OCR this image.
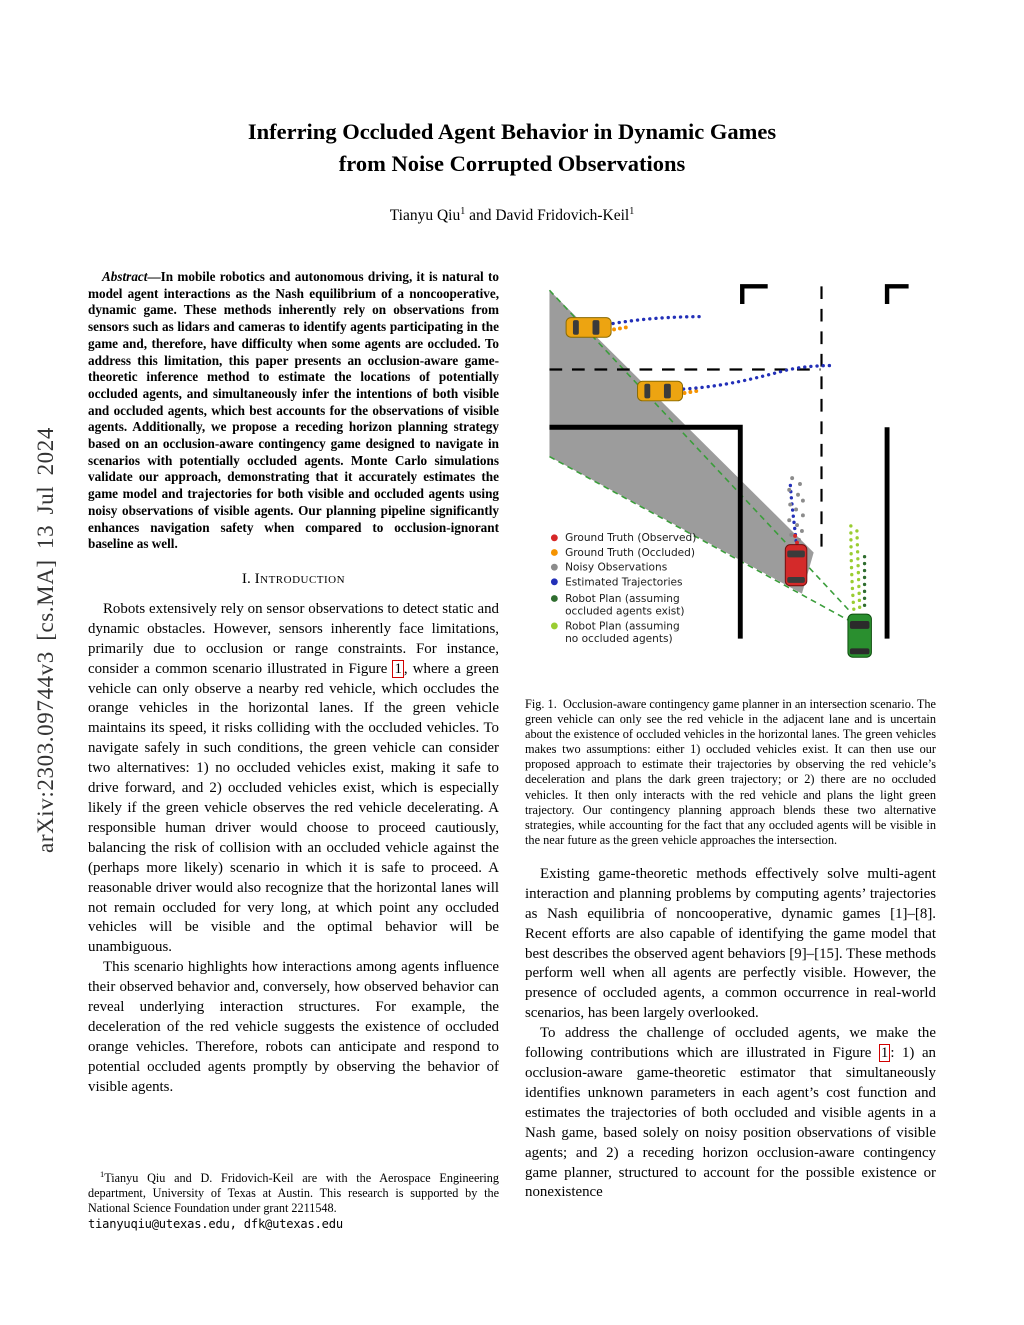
arXiv:2303.09744v3 [cs.MA] 13 Jul 2024
Inferring Occluded Agent Behavior in Dynamic Games
from Noise Corrupted Observations
Tianyu Qiu$^1$ and David Fridovich-Keil$^1$

Abstract—In mobile robotics and autonomous driving, it is natural to model agent interactions as the Nash equilibrium of a noncooperative, dynamic game. These methods inherently rely on observations from sensors such as lidars and cameras to identify agents participating in the game and, therefore, have difficulty when some agents are occluded. To address this limitation, this paper presents an occlusion-aware game-theoretic inference method to estimate the locations of potentially occluded agents, and simultaneously infer the intentions of both visible and occluded agents, which best accounts for the observations of visible agents. Additionally, we propose a receding horizon planning strategy based on an occlusion-aware contingency game designed to navigate in scenarios with potentially occluded agents. Monte Carlo simulations validate our approach, demonstrating that it accurately estimates the game model and trajectories for both visible and occluded agents using noisy observations of visible agents. Our planning pipeline significantly enhances navigation safety when compared to occlusion-ignorant baseline as well.

I. Introduction

Robots extensively rely on sensor observations to detect static and dynamic obstacles. However, sensors inherently face limitations, primarily due to occlusion or range constraints. For instance, consider a common scenario illustrated in Figure 1 , where a green vehicle can only observe a nearby red vehicle, which occludes the orange vehicles in the horizontal lanes. If the green vehicle maintains its speed, it risks colliding with the occluded vehicles. To navigate safely in such conditions, the green vehicle can consider two alternatives: 1) no occluded vehicles exist, making it safe to drive forward, and 2) occluded vehicles exist, which is especially likely if the green vehicle observes the red vehicle decelerating. A responsible human driver would choose to proceed cautiously, balancing the risk of collision with an occluded vehicle against the (perhaps more likely) scenario in which it is safe to proceed. A reasonable driver would also recognize that the horizontal lanes will not remain occluded for very long, at which point any occluded vehicles will be visible and the optimal behavior will be unambiguous.

This scenario highlights how interactions among agents influence their observed behavior and, conversely, how observed behavior can reveal underlying interaction structures. For example, the deceleration of the red vehicle suggests the existence of occluded orange vehicles. Therefore, robots can anticipate and respond to potential occluded agents promptly by observing the behavior of visible agents.

$^1$Tianyu Qiu and D. Fridovich-Keil are with the Aerospace Engineering department, University of Texas at Austin. This research is supported by the National Science Foundation under grant 2211548.
tianyuqiu@utexas.edu, dfk@utexas.edu
Ground Truth (Observed)
Ground Truth (Occluded)
Noisy Observations
Estimated Trajectories
Robot Plan (assuming
occluded agents exist)
Robot Plan (assuming
no occluded agents)
Fig. 1. Occlusion-aware contingency game planner in an intersection scenario. The green vehicle can only see the red vehicle in the adjacent lane and is uncertain about the existence of occluded vehicles in the horizontal lanes. The green vehicles makes two assumptions: either 1) occluded vehicles exist. It can then use our proposed approach to estimate their trajectories by observing the red vehicle’s deceleration and plans the dark green trajectory; or 2) there are no occluded vehicles. It then only interacts with the red vehicle and plans the light green trajectory. Our contingency planning approach blends these two alternative strategies, while accounting for the fact that any occluded agents will be visible in the near future as the green vehicle approaches the intersection.

Existing game-theoretic methods effectively solve multi-agent interaction and planning problems by computing agents’ trajectories as Nash equilibria of noncooperative, dynamic games [1]–[8]. Recent efforts are also capable of identifying the game model that best describes the observed agent behaviors [9]–[15]. These methods perform well when all agents are perfectly visible. However, the presence of occluded agents, a common occurrence in real-world scenarios, has been largely overlooked.

To address the challenge of occluded agents, we make the following contributions which are illustrated in Figure 1 : 1) an occlusion-aware game-theoretic estimator that simultaneously identifies unknown parameters in each agent’s cost function and estimates the trajectories of both occluded and visible agents in a Nash game, based solely on noisy position observations of visible agents; and 2) a receding horizon occlusion-aware contingency game planner, structured to account for the possible existence or nonexistence
